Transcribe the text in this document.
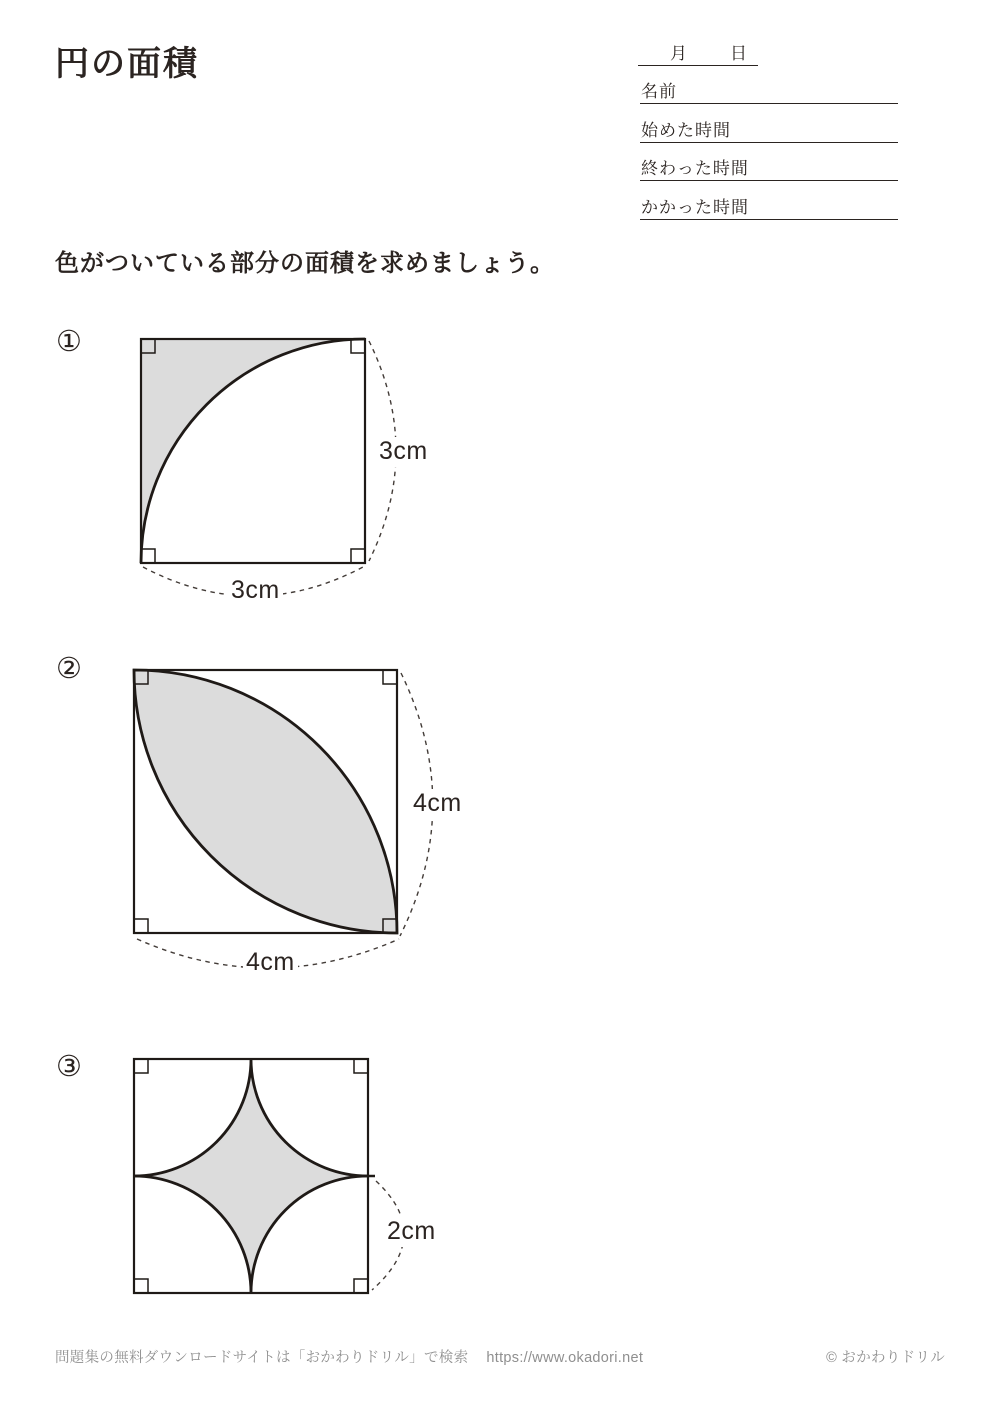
円の面積	月	日
名前
始めた時間
終わった時間
かかった時間
色がついている部分の面積を求めましょう。
①
3cm
3cm
②
4cm
4cm
③
2cm
問題集の無料ダウンロードサイトは「おかわりドリル」で検索 https://www.okadori.net	© おかわりドリル
